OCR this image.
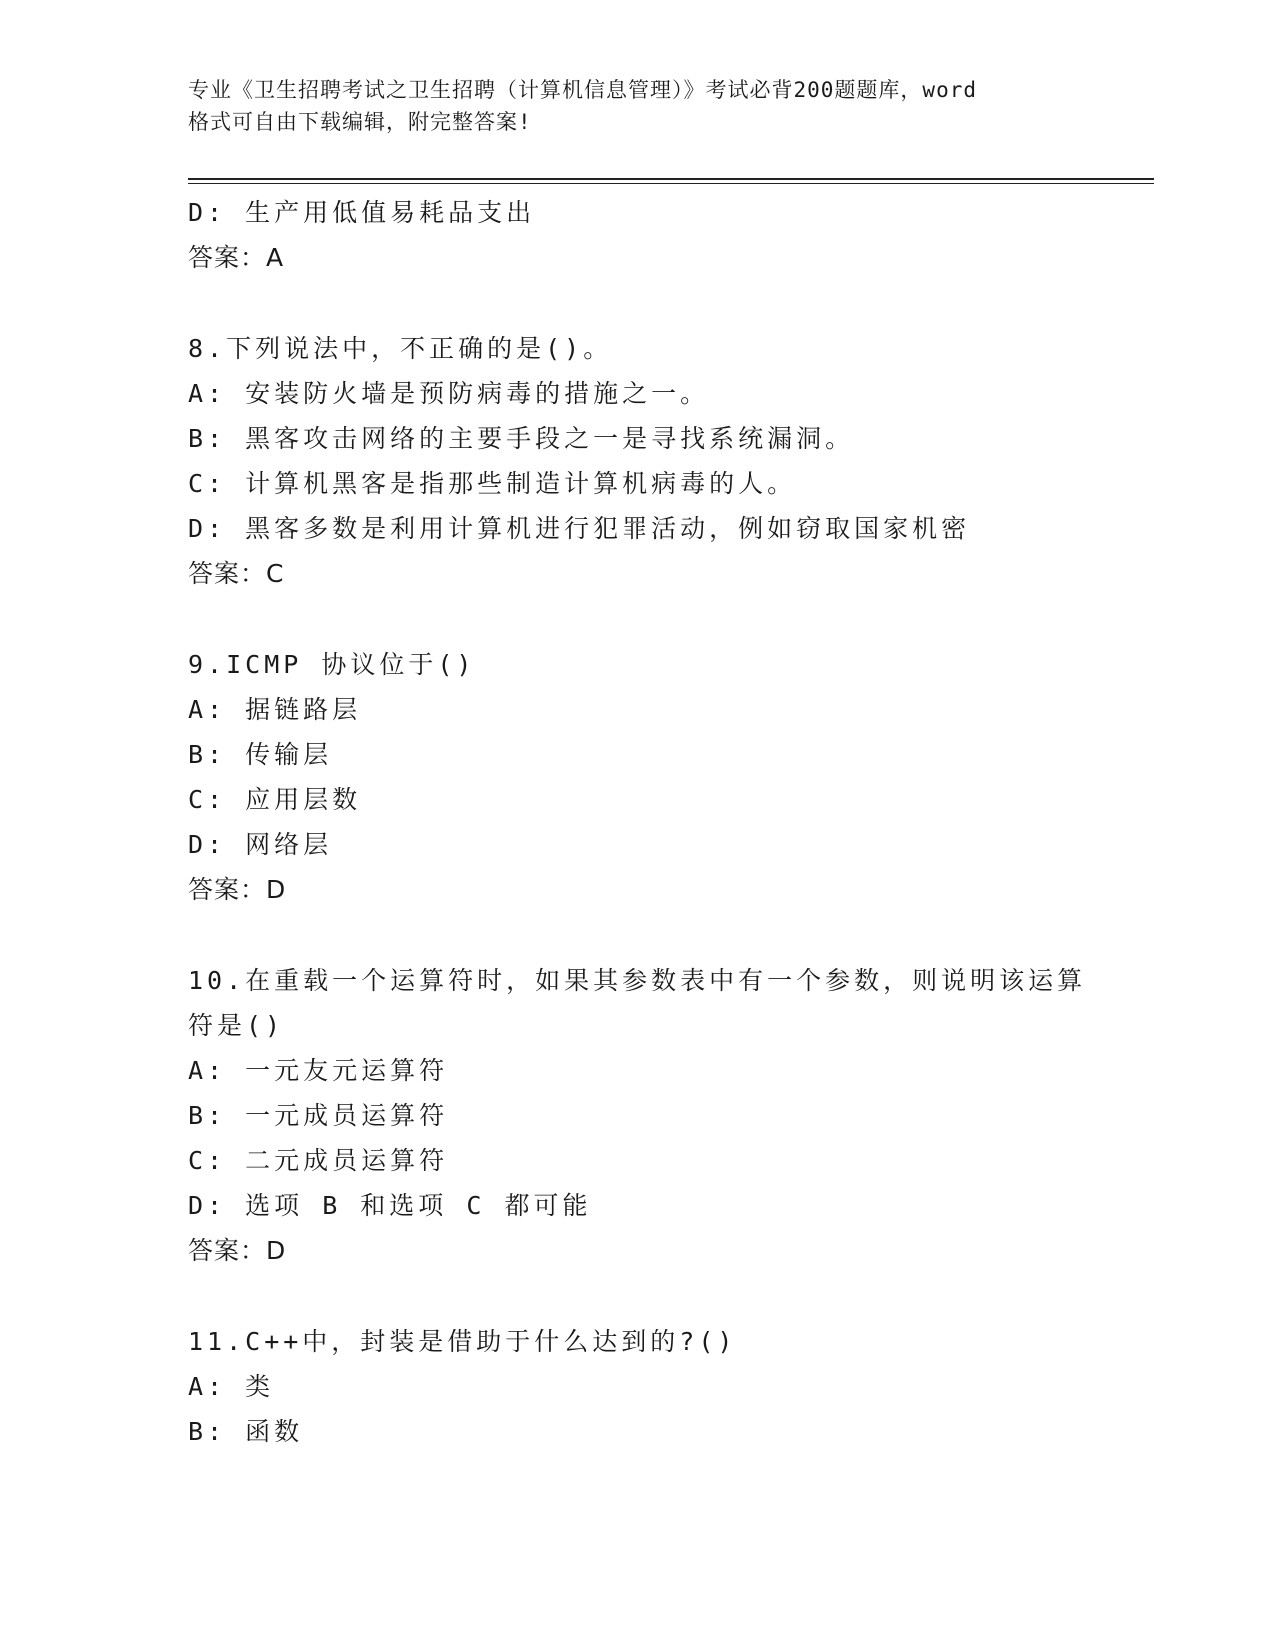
专业《卫生招聘考试之卫生招聘（计算机信息管理）》考试必背200题题库，word
格式可自由下载编辑，附完整答案!
D: 生产用低值易耗品支出
答案：A
8.下列说法中，不正确的是()。
A: 安装防火墙是预防病毒的措施之一。
B: 黑客攻击网络的主要手段之一是寻找系统漏洞。
C: 计算机黑客是指那些制造计算机病毒的人。
D: 黑客多数是利用计算机进行犯罪活动，例如窃取国家机密
答案：C
9.ICMP 协议位于()
A: 据链路层
B: 传输层
C: 应用层数
D: 网络层
答案：D
10.在重载一个运算符时，如果其参数表中有一个参数，则说明该运算
符是()
A: 一元友元运算符
B: 一元成员运算符
C: 二元成员运算符
D: 选项 B 和选项 C 都可能
答案：D
11.C++中，封装是借助于什么达到的?()
A: 类
B: 函数
